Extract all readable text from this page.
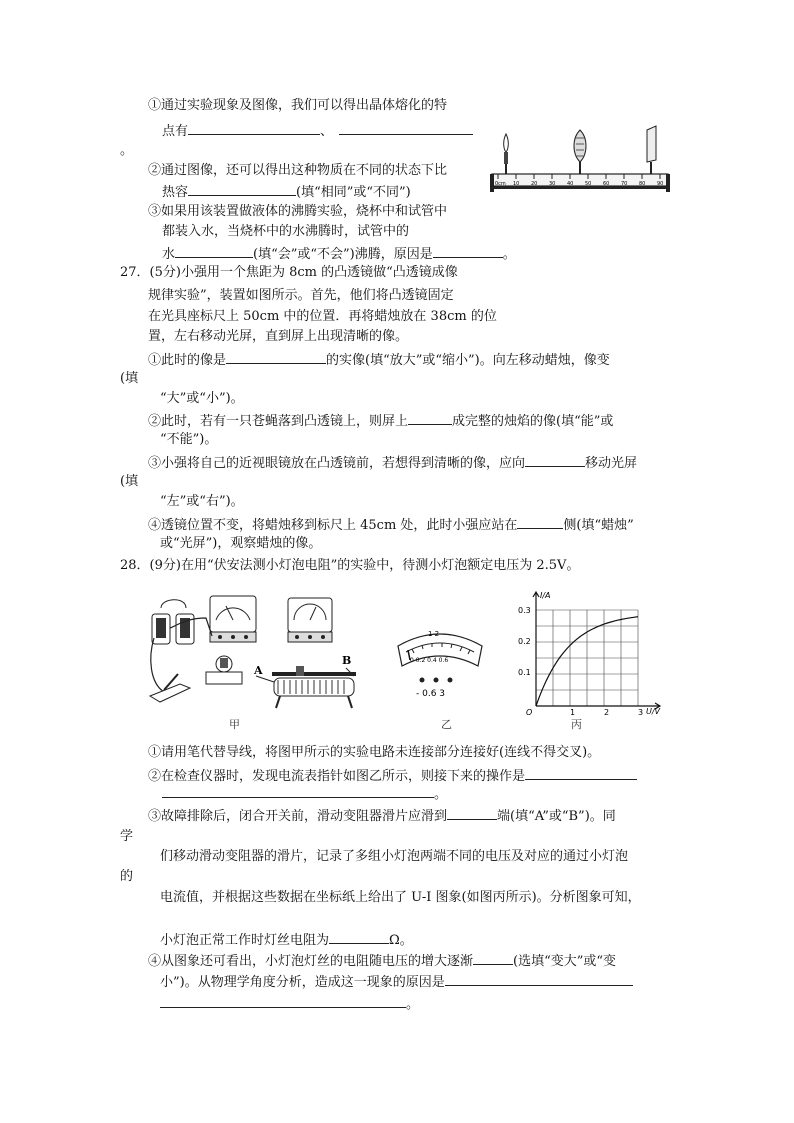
①通过实验现象及图像，我们可以得出晶体熔化的特
点有	、
。
②通过图像，还可以得出这种物质在不同的状态下比
热容	(填“相同”或“不同”)
③如果用该装置做液体的沸腾实验，烧杯中和试管中
都装入水，当烧杯中的水沸腾时，试管中的
水	(填“会”或“不会”)沸腾，原因是	。
0cm 10 20 30 40 50 60 70 80 90
27．(5分)小强用一个焦距为 8cm 的凸透镜做“凸透镜成像
规律实验”，装置如图所示。首先，他们将凸透镜固定
在光具座标尺上 50cm 中的位置．再将蜡烛放在 38cm 的位
置，左右移动光屏，直到屏上出现清晰的像。
①此时的像是	的实像(填“放大”或“缩小”)。向左移动蜡烛，像变
(填
“大”或“小”)。
②此时，若有一只苍蝇落到凸透镜上，则屏上	成完整的烛焰的像(填“能”或
“不能”)。
③小强将自己的近视眼镜放在凸透镜前，若想得到清晰的像，应向	移动光屏
(填
“左”或“右”)。
④透镜位置不变，将蜡烛移到标尺上 45cm 处，此时小强应站在	侧(填“蜡烛”
或“光屏”)，观察蜡烛的像。
28．(9分)在用“伏安法测小灯泡电阻”的实验中，待测小灯泡额定电压为 2.5V。
A
B
甲
1 2
0 0.2 0.4 0.6
- 0.6 3
乙
I/A
U/V
0.3
0.2
0.1
O	1	2	3
丙
①请用笔代替导线，将图甲所示的实验电路未连接部分连接好(连线不得交叉)。
②在检查仪器时，发现电流表指针如图乙所示，则接下来的操作是
。
③故障排除后，闭合开关前，滑动变阻器滑片应滑到	端(填“A”或“B”)。同
学
们移动滑动变阻器的滑片，记录了多组小灯泡两端不同的电压及对应的通过小灯泡
的
电流值，并根据这些数据在坐标纸上给出了 U-I 图象(如图丙所示)。分析图象可知，
小灯泡正常工作时灯丝电阻为	Ω。
④从图象还可看出，小灯泡灯丝的电阻随电压的增大逐渐	(选填“变大”或“变
小”)。从物理学角度分析，造成这一现象的原因是
。
